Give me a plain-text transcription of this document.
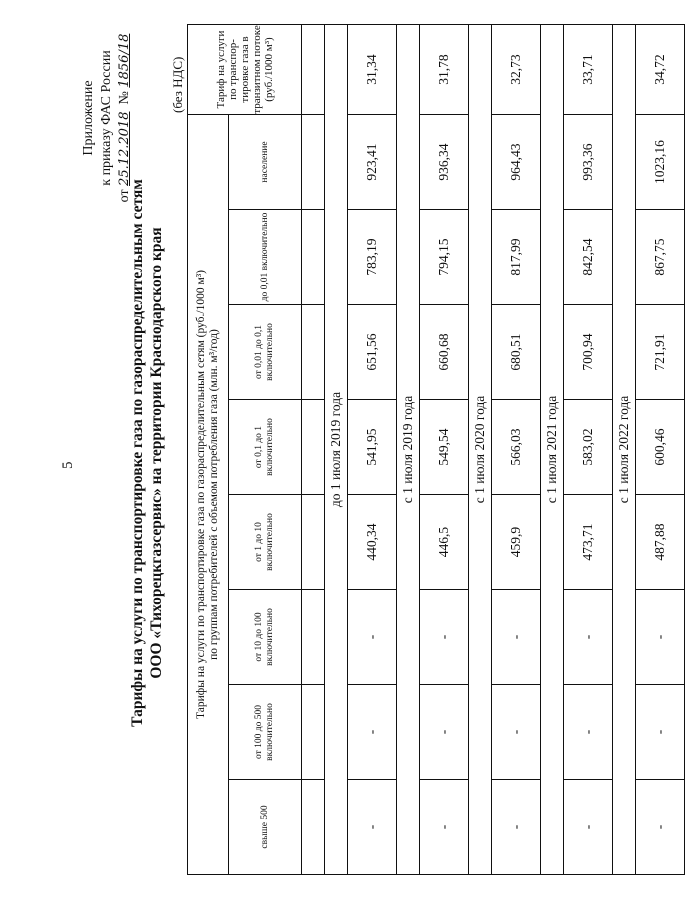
5
Приложение к приказу ФАС России
от 25.12.2018  № 1856/18
Тарифы на услуги по транспортировке газа по газораспределительным сетям ООО «Тихорецкгазсервис» на территории Краснодарского края
(без НДС)
Тарифы на услуги по транспортировке газа по газораспределительным сетям (руб./1000 м³) по группам потребителей с объемом потребления газа (млн. м³/год)								Тариф на услуги по транспор-тировке газа в транзитном потоке (руб./1000 м³)
свыше 500	от 100 до 500 включительно	от 10 до 100 включительно	от 1 до 10 включительно	от 0,1 до 1 включительно	от 0,01 до 0,1 включительно	до 0,01 включительно	население	

до 1 июля 2019 года								
-	-	-	440,34	541,95	651,56	783,19	923,41	31,34
с 1 июля 2019 года								
-	-	-	446,5	549,54	660,68	794,15	936,34	31,78
с 1 июля 2020 года								
-	-	-	459,9	566,03	680,51	817,99	964,43	32,73
с 1 июля 2021 года								
-	-	-	473,71	583,02	700,94	842,54	993,36	33,71
с 1 июля 2022 года								
-	-	-	487,88	600,46	721,91	867,75	1023,16	34,72
